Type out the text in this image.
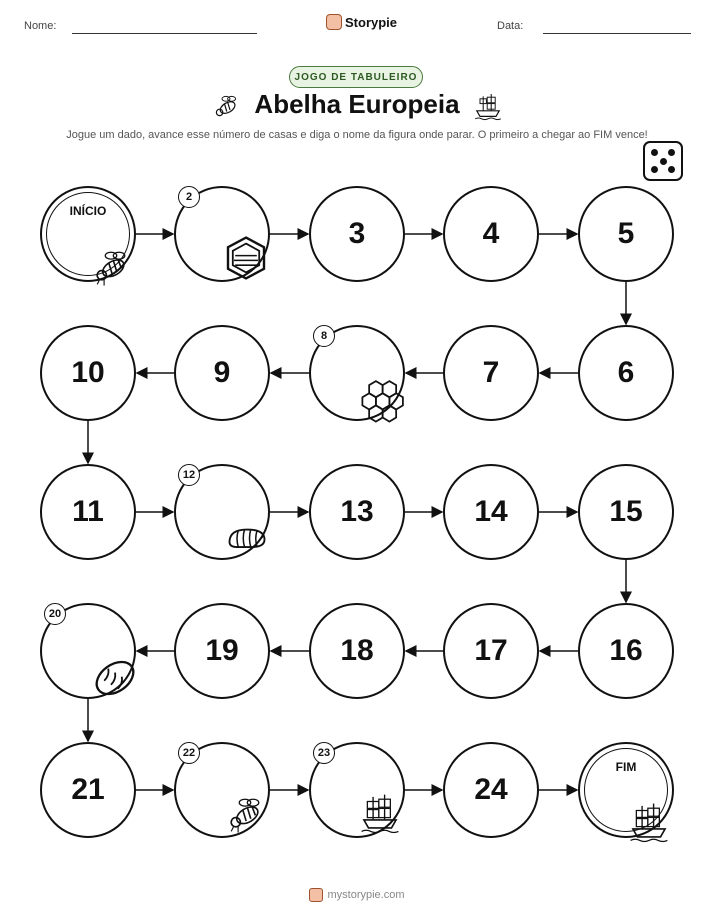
Nome:	Storypie	Data:
JOGO DE TABULEIRO
Abelha Europeia
Jogue um dado, avance esse número de casas e diga o nome da figura onde parar. O primeiro a chegar ao FIM vence!
INÍCIO
2
3	4	5
6
7
8
9
10
11
12
13	14	15
16
17
18
19
20
21
22	23
24
FIM
mystorypie.com
